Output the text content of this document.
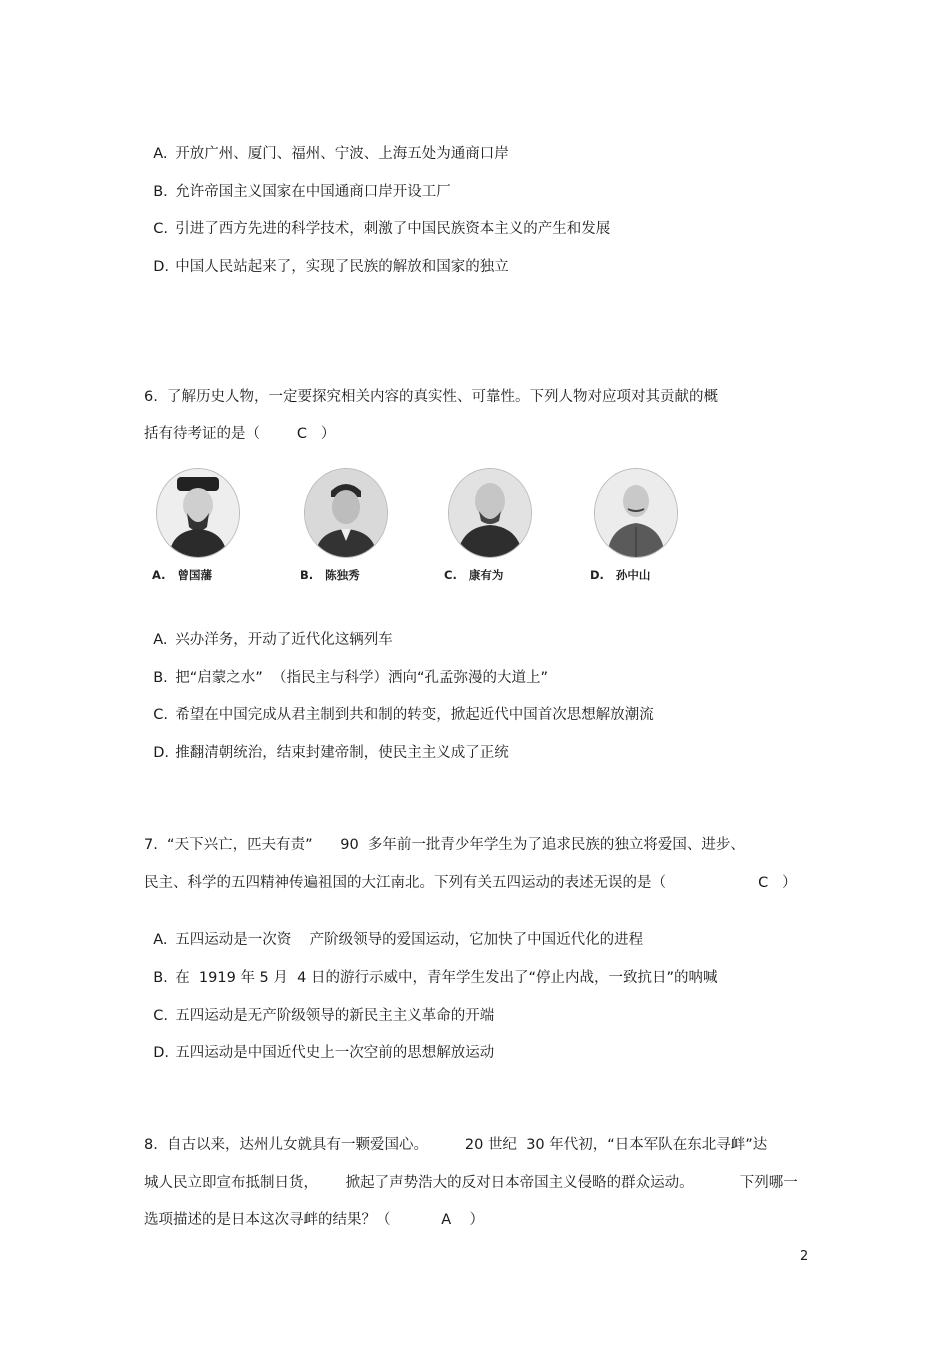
A. 开放广州、厦门、福州、宁波、上海五处为通商口岸

B. 允许帝国主义国家在中国通商口岸开设工厂

C. 引进了西方先进的科学技术，刺激了中国民族资本主义的产生和发展

D. 中国人民站起来了，实现了民族的解放和国家的独立

6.  了解历史人物，一定要探究相关内容的真实性、可靠性。下列人物对应项对其贡献的概
括有待考证的是（        C   ）
A.   曾国藩	B.   陈独秀	C.   康有为	D.   孙中山

A. 兴办洋务，开动了近代化这辆列车

B. 把“启蒙之水”  （指民主与科学）洒向“孔孟弥漫的大道上”

C. 希望在中国完成从君主制到共和制的转变，掀起近代中国首次思想解放潮流

D. 推翻清朝统治，结束封建帝制，使民主主义成了正统

7.  “天下兴亡，匹夫有责”      90  多年前一批青少年学生为了追求民族的独立将爱国、进步、
民主、科学的五四精神传遍祖国的大江南北。下列有关五四运动的表述无误的是（                    C   ）

A. 五四运动是一次资    产阶级领导的爱国运动，它加快了中国近代化的进程

B. 在  1919 年 5 月  4 日的游行示威中，青年学生发出了“停止内战，一致抗日”的呐喊

C. 五四运动是无产阶级领导的新民主主义革命的开端

D. 五四运动是中国近代史上一次空前的思想解放运动

8.  自古以来，达州儿女就具有一颗爱国心。        20 世纪  30 年代初，“日本军队在东北寻衅”达
城人民立即宣布抵制日货，      掀起了声势浩大的反对日本帝国主义侵略的群众运动。          下列哪一
选项描述的是日本这次寻衅的结果？（           A    ）
2
